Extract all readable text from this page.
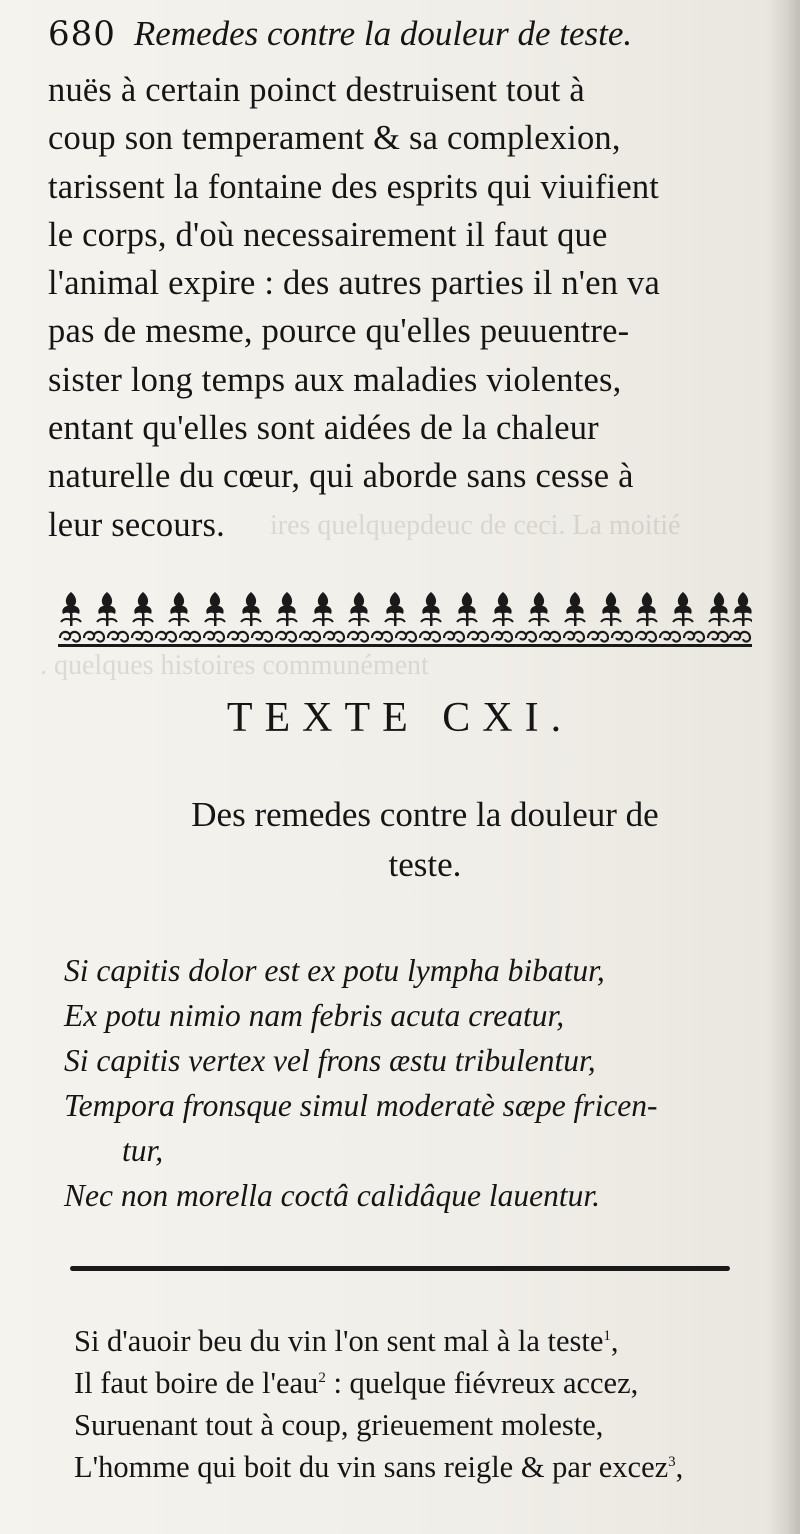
ires quelquepdeuc de ceci. La moitié
. quelques histoires communément
680 Remedes contre la douleur de teste.
nuës à certain poinct destruisent tout à
coup son temperament & sa complexion,
tarissent la fontaine des esprits qui viuifient
le corps, d'où necessairement il faut que
l'animal expire : des autres parties il n'en va
pas de mesme, pource qu'elles peuuentre-
sister long temps aux maladies violentes,
entant qu'elles sont aidées de la chaleur
naturelle du cœur, qui aborde sans cesse à
leur secours.
TEXTE CXI.
Des remedes contre la douleur de
teste.
Si capitis dolor est ex potu lympha bibatur,
Ex potu nimio nam febris acuta creatur,
Si capitis vertex vel frons æstu tribulentur,
Tempora fronsque simul moderatè sæpe fricen-
tur,
Nec non morella coctâ calidâque lauentur.
Si d'auoir beu du vin l'on sent mal à la teste$^1$,
Il faut boire de l'eau$^2$ : quelque fiévreux accez,
Suruenant tout à coup, grieuement moleste,
L'homme qui boit du vin sans reigle & par excez$^3$,
